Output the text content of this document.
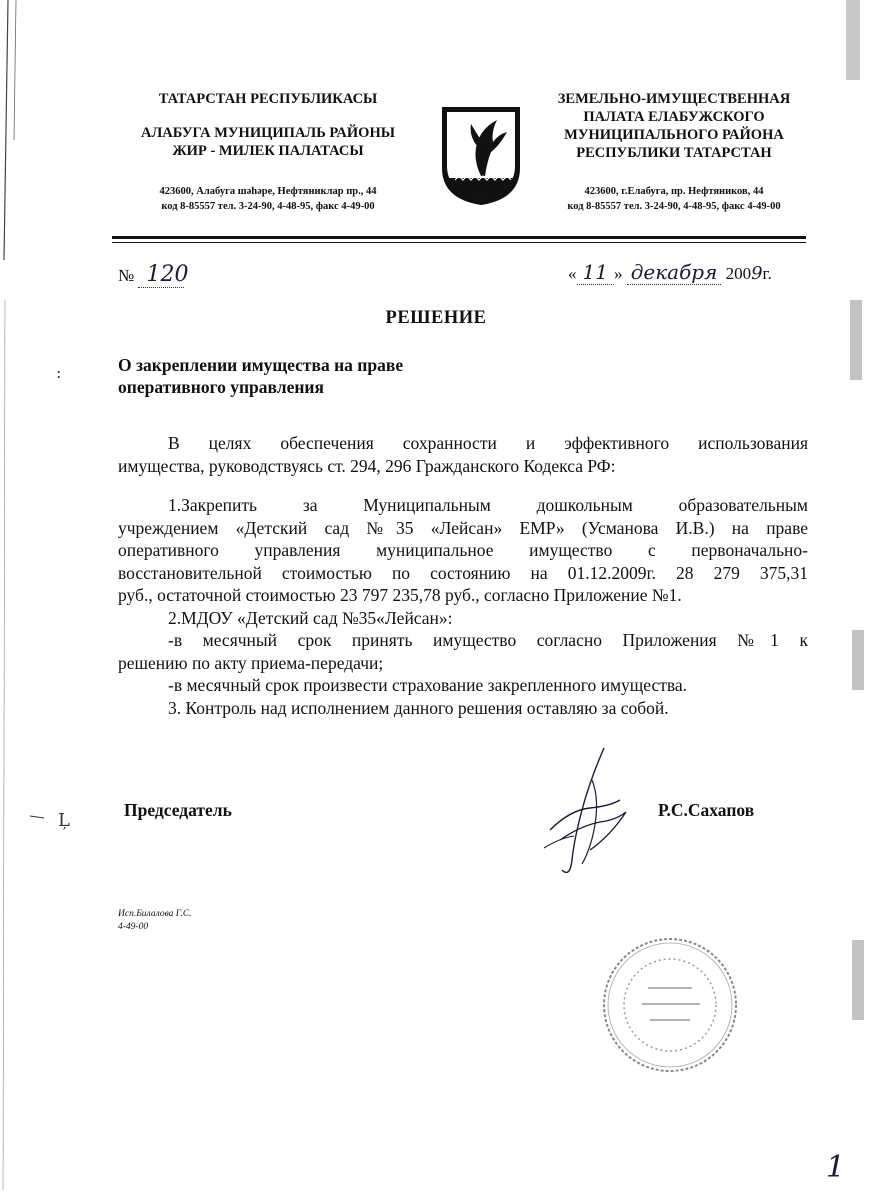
:
Ļ
ТАТАРСТАН РЕСПУБЛИКАСЫ
АЛАБУГА МУНИЦИПАЛЬ РАЙОНЫ
ЖИР - МИЛЕК ПАЛАТАСЫ
423600, Алабуга шәһәре, Нефтяниклар пр., 44
код 8-85557 тел. 3-24-90, 4-48-95, факс 4-49-00
ЗЕМЕЛЬНО-ИМУЩЕСТВЕННАЯ
ПАЛАТА ЕЛАБУЖСКОГО
МУНИЦИПАЛЬНОГО РАЙОНА
РЕСПУБЛИКИ ТАТАРСТАН
423600, г.Елабуга, пр. Нефтяников, 44
код 8-85557 тел. 3-24-90, 4-48-95, факс 4-49-00
№ 120	« 11 » декабря 2009г.
РЕШЕНИЕ
О закреплении имущества на праве
оперативного управления
В целях обеспечения сохранности и эффективного использования
имущества, руководствуясь ст. 294, 296 Гражданского Кодекса РФ:
1.Закрепить за Муниципальным дошкольным образовательным
учреждением «Детский сад №35 «Лейсан» ЕМР» (Усманова И.В.) на праве
оперативного управления муниципальное имущество с первоначально-
восстановительной стоимостью по состоянию на 01.12.2009г. 28 279 375,31
руб., остаточной стоимостью 23 797 235,78 руб., согласно Приложение №1.
2.МДОУ «Детский сад №35«Лейсан»:
-в месячный срок принять имущество согласно Приложения №1 к
решению по акту приема-передачи;
-в месячный срок произвести страхование закрепленного имущества.
3. Контроль над исполнением данного решения оставляю за собой.
Председатель	Р.С.Сахапов
Исп.Билалова Г.С.
4-49-00
1
